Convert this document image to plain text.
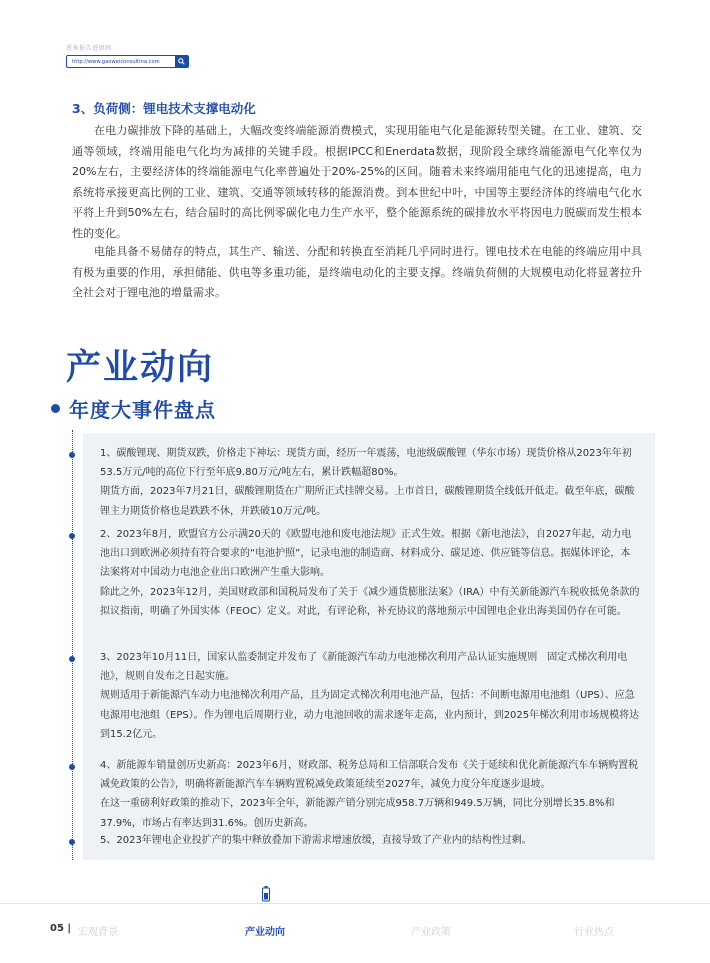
賈多报告进团网
http://www.gaoweiconsultina.com
3、负荷侧：锂电技术支撑电动化
在电力碳排放下降的基础上，大幅改变终端能源消费模式，实现用能电气化是能源转型关键。在工业、建筑、交通等领域，终端用能电气化均为减排的关键手段。根据IPCC和Enerdata数据，现阶段全球终端能源电气化率仅为20%左右，主要经济体的终端能源电气化率普遍处于20%-25%的区间。随着未来终端用能电气化的迅速提高，电力系统将承接更高比例的工业、建筑、交通等领域转移的能源消费。到本世纪中叶，中国等主要经济体的终端电气化水平将上升到50%左右，结合届时的高比例零碳化电力生产水平，整个能源系统的碳排放水平将因电力脱碳而发生根本性的变化。
电能具备不易储存的特点，其生产、输送、分配和转换直至消耗几乎同时进行。锂电技术在电能的终端应用中具有极为重要的作用，承担储能、供电等多重功能，是终端电动化的主要支撑。终端负荷侧的大规模电动化将显著拉升全社会对于锂电池的增量需求。
产业动向
年度大事件盘点

1、碳酸锂现、期货双跌，价格走下神坛：现货方面，经历一年震荡，电池级碳酸锂（华东市场）现货价格从2023年年初53.5万元/吨的高位下行至年底9.80万元/吨左右，累计跌幅超80%。

期货方面，2023年7月21日，碳酸锂期货在广期所正式挂牌交易。上市首日，碳酸锂期货全线低开低走。截至年底，碳酸锂主力期货价格也是跌跌不休，并跌破10万元/吨。

2、2023年8月，欧盟官方公示满20天的《欧盟电池和废电池法规》正式生效。根据《新电池法》，自2027年起，动力电池出口到欧洲必须持有符合要求的“电池护照”，记录电池的制造商、材料成分、碳足迹、供应链等信息。据媒体评论，本法案将对中国动力电池企业出口欧洲产生重大影响。

除此之外，2023年12月，美国财政部和国税局发布了关于《减少通货膨胀法案》（IRA）中有关新能源汽车税收抵免条款的拟议指南，明确了外国实体（FEOC）定义。对此，有评论称，补充协议的落地预示中国锂电企业出海美国仍存在可能。

3、2023年10月11日，国家认监委制定并发布了《新能源汽车动力电池梯次利用产品认证实施规则　固定式梯次利用电池》，规则自发布之日起实施。

规则适用于新能源汽车动力电池梯次利用产品，且为固定式梯次利用电池产品，包括：不间断电源用电池组（UPS）、应急电源用电池组（EPS）。作为锂电后周期行业，动力电池回收的需求逐年走高，业内预计，到2025年梯次利用市场规模将达到15.2亿元。

4、新能源车销量创历史新高：2023年6月，财政部、税务总局和工信部联合发布《关于延续和优化新能源汽车车辆购置税减免政策的公告》，明确将新能源汽车车辆购置税减免政策延续至2027年，减免力度分年度逐步退坡。

在这一重磅利好政策的推动下，2023年全年，新能源产销分别完成958.7万辆和949.5万辆，同比分别增长35.8%和37.9%，市场占有率达到31.6%。创历史新高。

5、2023年锂电企业投扩产的集中释放叠加下游需求增速放缓，直接导致了产业内的结构性过剩。

05 | 宏观背景	产业动向	产业政策	行业热点
